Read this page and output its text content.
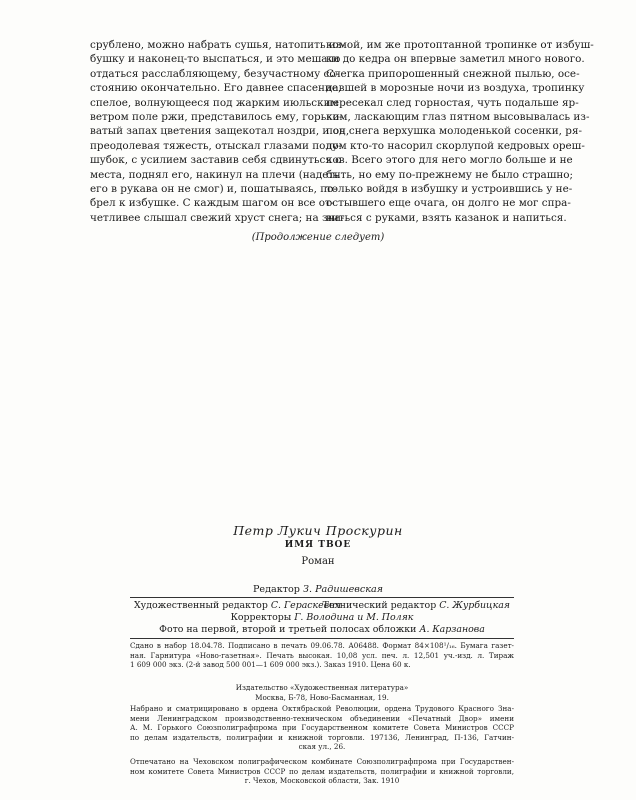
срублено, можно набрать сушья, натопить из-
бушку и наконец-то выспаться, и это мешало
отдаться расслабляющему, безучастному со-
стоянию окончательно. Его давнее спасение,
спелое, волнующееся под жарким июльским
ветром поле ржи, представилось ему, горько-
ватый запах цветения защекотал ноздри, и он,
преодолевая тяжесть, отыскал глазами полу-
шубок, с усилием заставив себя сдвинуться с
места, поднял его, накинул на плечи (надеть
его в рукава он не смог) и, пошатываясь, по-
брел к избушке. С каждым шагом он все от-
четливее слышал свежий хруст снега; на зна-
комой, им же протоптанной тропинке от избуш-
ки до кедра он впервые заметил много нового.
Слегка припорошенный снежной пылью, осе-
давшей в морозные ночи из воздуха, тропинку
пересекал след горностая, чуть подальше яр-
ким, ласкающим глаз пятном высовывалась из-
под снега верхушка молоденькой сосенки, ря-
дом кто-то насорил скорлупой кедровых ореш-
ков. Всего этого для него могло больше и не
быть, но ему по-прежнему не было страшно;
только войдя в избушку и устроившись у не-
остывшего еще очага, он долго не мог спра-
виться с руками, взять казанок и напиться.
(Продолжение следует)
Петр Лукич Проскурин
ИМЯ ТВОЕ
Роман
Редактор З. Радишевская
Художественный редактор С. Гераскевич
Технический редактор С. Журбицкая
Корректоры Г. Володина и М. Поляк
Фото на первой, второй и третьей полосах обложки А. Карзанова
Сдано в набор 18.04.78. Подписано в печать 09.06.78. А06488. Формат 84×108¹/₁₆. Бумага газет-
ная. Гарнитура «Ново-газетная». Печать высокая. 10,08 усл. печ. л. 12,501 уч.-изд. л. Тираж
1 609 000 экз. (2-й завод 500 001—1 609 000 экз.). Заказ 1910. Цена 60 к.
Издательство «Художественная литература»
Москва, Б-78, Ново-Басманная, 19.
Набрано и сматрицировано в ордена Октябрьской Революции, ордена Трудового Красного Зна-
мени Ленинградском производственно-техническом объединении «Печатный Двор» имени
А. М. Горького Союзполиграфпрома при Государственном комитете Совета Министров СССР
по делам издательств, полиграфии и книжной торговли. 197136, Ленинград, П-136, Гатчин-
ская ул., 26.
Отпечатано на Чеховском полиграфическом комбинате Союзполиграфпрома при Государствен-
ном комитете Совета Министров СССР по делам издательств, полиграфии и книжной торговли,
г. Чехов, Московской области, Зак. 1910
